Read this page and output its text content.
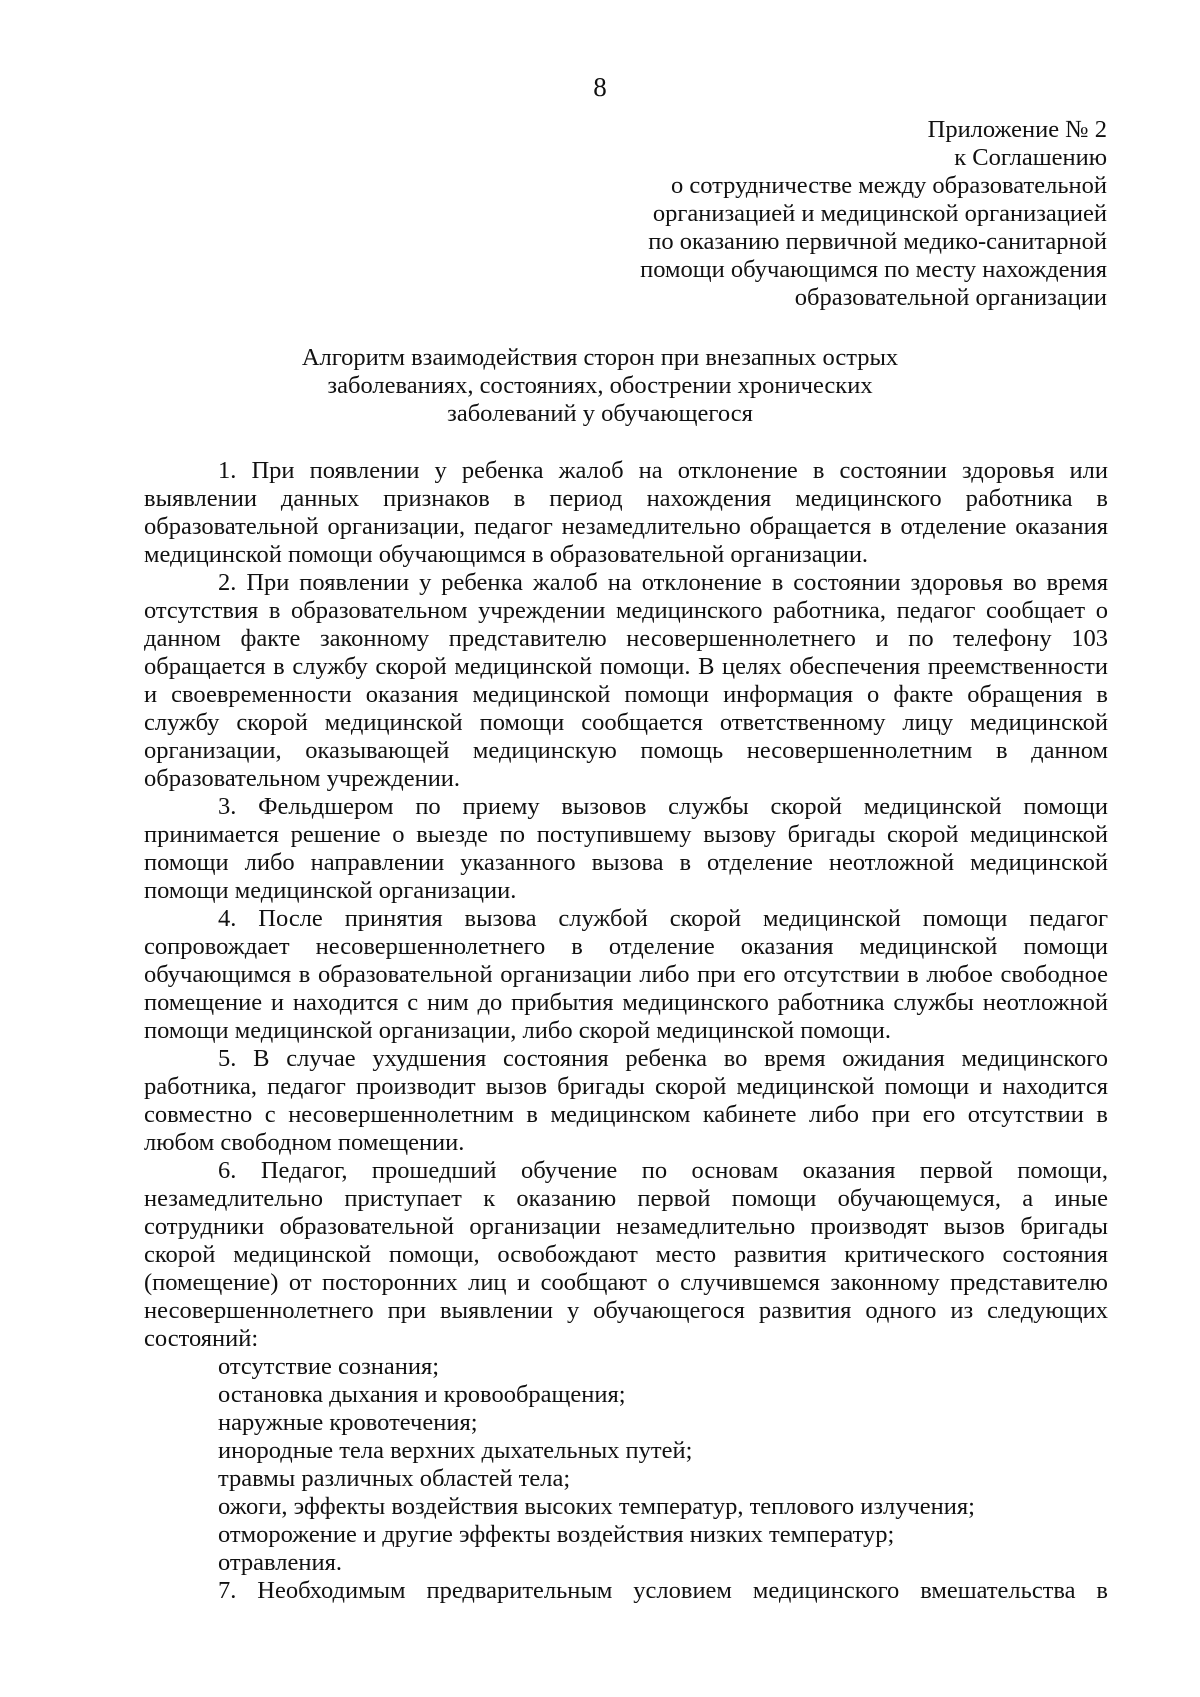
8
Приложение № 2
к Соглашению
о сотрудничестве между образовательной
организацией и медицинской организацией
по оказанию первичной медико-санитарной
помощи обучающимся по месту нахождения
образовательной организации
Алгоритм взаимодействия сторон при внезапных острых
заболеваниях, состояниях, обострении хронических
заболеваний у обучающегося

1. При появлении у ребенка жалоб на отклонение в состоянии здоровья или выявлении данных признаков в период нахождения медицинского работника в образовательной организации, педагог незамедлительно обращается в отделение оказания медицинской помощи обучающимся в образовательной организации.

2. При появлении у ребенка жалоб на отклонение в состоянии здоровья во время отсутствия в образовательном учреждении медицинского работника, педагог сообщает о данном факте законному представителю несовершеннолетнего и по телефону 103 обращается в службу скорой медицинской помощи. В целях обеспечения преемственности и своевременности оказания медицинской помощи информация о факте обращения в службу скорой медицинской помощи сообщается ответственному лицу медицинской организации, оказывающей медицинскую помощь несовершеннолетним в данном образовательном учреждении.

3. Фельдшером по приему вызовов службы скорой медицинской помощи принимается решение о выезде по поступившему вызову бригады скорой медицинской помощи либо направлении указанного вызова в отделение неотложной медицинской помощи медицинской организации.

4. После принятия вызова службой скорой медицинской помощи педагог сопровождает несовершеннолетнего в отделение оказания медицинской помощи обучающимся в образовательной организации либо при его отсутствии в любое свободное помещение и находится с ним до прибытия медицинского работника службы неотложной помощи медицинской организации, либо скорой медицинской помощи.

5. В случае ухудшения состояния ребенка во время ожидания медицинского работника, педагог производит вызов бригады скорой медицинской помощи и находится совместно с несовершеннолетним в медицинском кабинете либо при его отсутствии в любом свободном помещении.

6. Педагог, прошедший обучение по основам оказания первой помощи, незамедлительно приступает к оказанию первой помощи обучающемуся, а иные сотрудники образовательной организации незамедлительно производят вызов бригады скорой медицинской помощи, освобождают место развития критического состояния (помещение) от посторонних лиц и сообщают о случившемся законному представителю несовершеннолетнего при выявлении у обучающегося развития одного из следующих состояний:

отсутствие сознания;
остановка дыхания и кровообращения;
наружные кровотечения;
инородные тела верхних дыхательных путей;
травмы различных областей тела;
ожоги, эффекты воздействия высоких температур, теплового излучения;
отморожение и другие эффекты воздействия низких температур;
отравления.

7. Необходимым предварительным условием медицинского вмешательства в
